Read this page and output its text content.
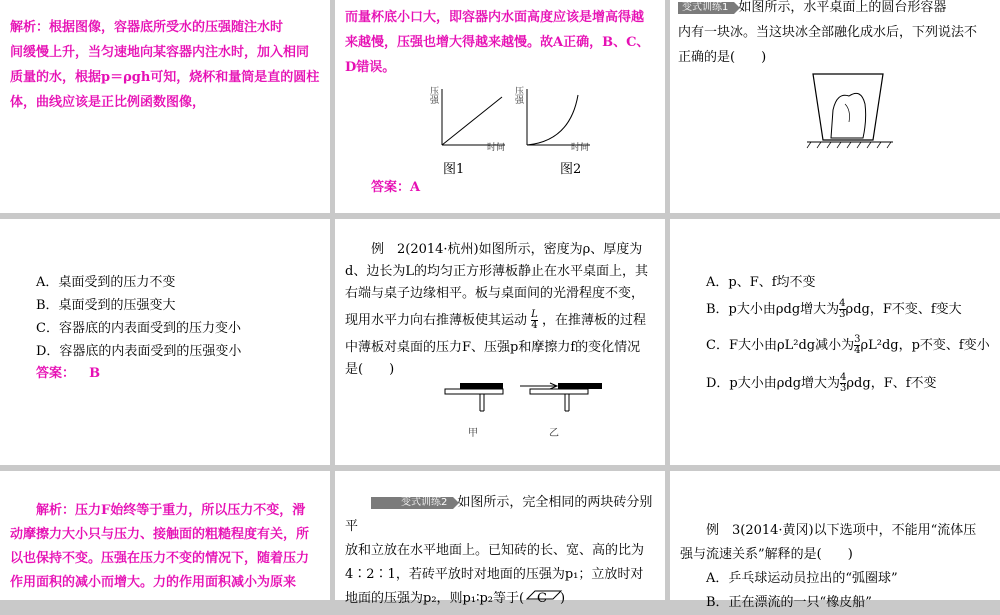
解析：根据图像，容器底所受水的压强随注水时
间缓慢上升，当匀速地向某容器内注水时，加入相同
质量的水，根据p＝ρgh可知，烧杯和量筒是直的圆柱
体，曲线应该是正比例函数图像，
而量杯底小口大，即容器内水面高度应该是增高得越
来越慢，压强也增大得越来越慢。故A正确，B、C、
D错误。
压强
时间
压强
时间
图1	图2
答案：A
变式训练1 如图所示，水平桌面上的圆台形容器
内有一块冰。当这块冰全部融化成水后，下列说法不
正确的是(　　)
A．桌面受到的压力不变
B．桌面受到的压强变大
C．容器底的内表面受到的压力变小
D．容器底的内表面受到的压强变小
答案： B
例　2(2014·杭州)如图所示，密度为ρ、厚度为
d、边长为L的均匀正方形薄板静止在水平桌面上，其
右端与桌子边缘相平。板与桌面间的光滑程度不变，
现用水平力向右推薄板使其运动 $\frac{L}{4}$ ，在推薄板的过程
中薄板对桌面的压力F、压强p和摩擦力f的变化情况
是(　　)
甲	乙
A．p、F、f均不变
B．p大小由ρdg增大为 $\frac{4}{3}$ ρdg，F不变、f变大
C．F大小由ρL²dg减小为 $\frac{3}{4} \rho L^2dg$，p不变、f变小
D．p大小由ρdg增大为 $\frac{4}{3}$ ρdg，F、f不变
解析：压力F始终等于重力，所以压力不变，滑
动摩擦力大小只与压力、接触面的粗糙程度有关，所
以也保持不变。压强在压力不变的情况下，随着压力
作用面积的减小而增大。力的作用面积减小为原来
变式训练2 如图所示，完全相同的两块砖分别平
放和立放在水平地面上。已知砖的长、宽、高的比为
4∶2∶1，若砖平放时对地面的压强为p₁；立放时对
地面的压强为p₂，则p₁∶p₂等于(　C　)
例　3(2014·黄冈)以下选项中，不能用“流体压
强与流速关系”解释的是(　　)
A．乒乓球运动员拉出的“弧圈球”
B．正在漂流的一只“橡皮船”
